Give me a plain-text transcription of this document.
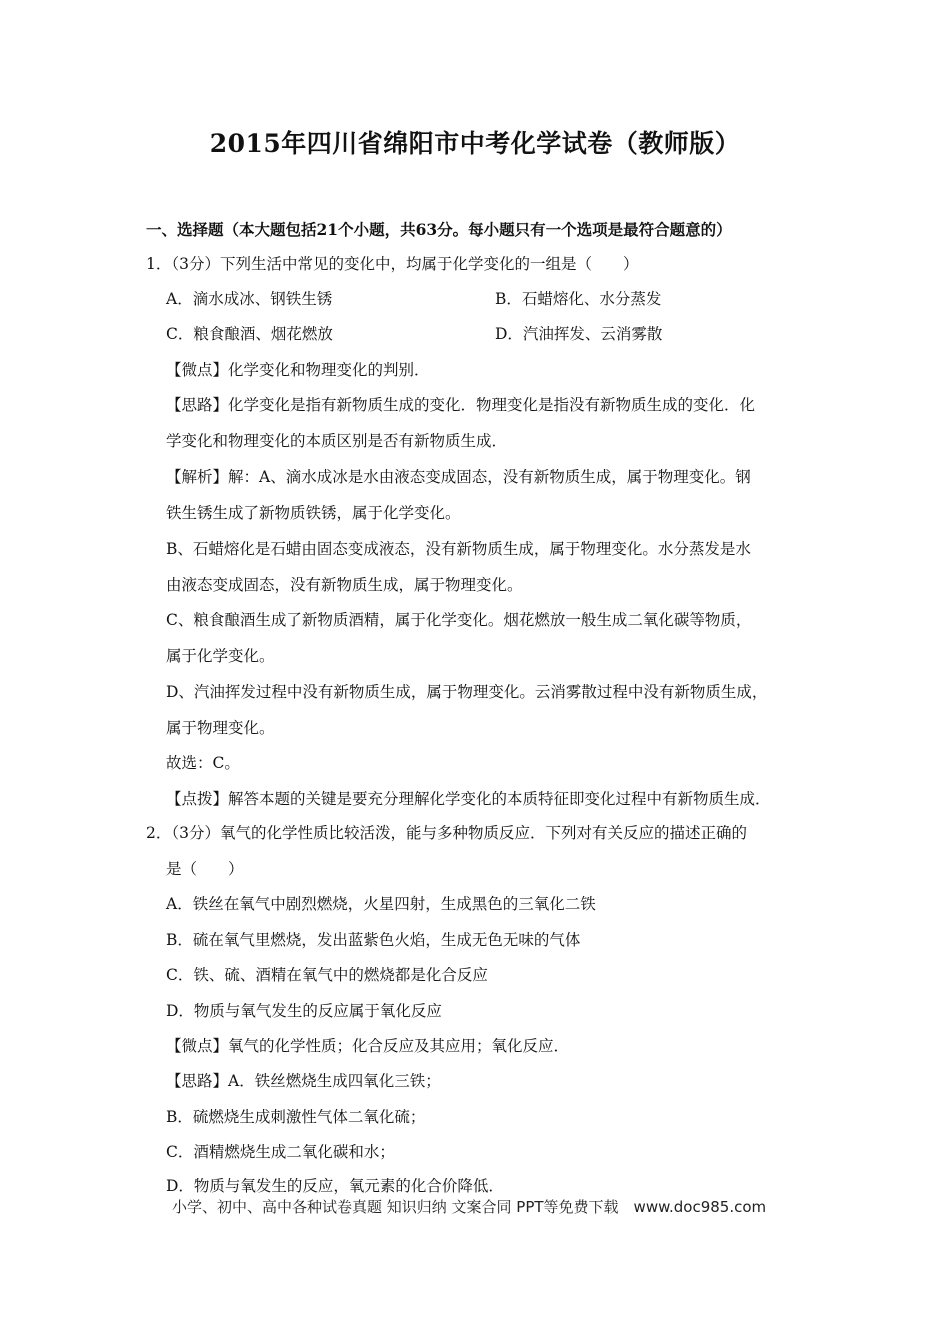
2015年四川省绵阳市中考化学试卷（教师版）
一、选择题（本大题包括21个小题，共63分。每小题只有一个选项是最符合题意的）
1．（3分）下列生活中常见的变化中，均属于化学变化的一组是（　　）
A．滴水成冰、钢铁生锈	B．石蜡熔化、水分蒸发
C．粮食酿酒、烟花燃放	D．汽油挥发、云消雾散
【微点】化学变化和物理变化的判别．
【思路】化学变化是指有新物质生成的变化．物理变化是指没有新物质生成的变化．化
学变化和物理变化的本质区别是否有新物质生成．
【解析】解：A、滴水成冰是水由液态变成固态，没有新物质生成，属于物理变化。钢
铁生锈生成了新物质铁锈，属于化学变化。
B、石蜡熔化是石蜡由固态变成液态，没有新物质生成，属于物理变化。水分蒸发是水
由液态变成固态，没有新物质生成，属于物理变化。
C、粮食酿酒生成了新物质酒精，属于化学变化。烟花燃放一般生成二氧化碳等物质，
属于化学变化。
D、汽油挥发过程中没有新物质生成，属于物理变化。云消雾散过程中没有新物质生成，
属于物理变化。
故选：C。
【点拨】解答本题的关键是要充分理解化学变化的本质特征即变化过程中有新物质生成．
2．（3分）氧气的化学性质比较活泼，能与多种物质反应．下列对有关反应的描述正确的
是（　　）
A．铁丝在氧气中剧烈燃烧，火星四射，生成黑色的三氧化二铁
B．硫在氧气里燃烧，发出蓝紫色火焰，生成无色无味的气体
C．铁、硫、酒精在氧气中的燃烧都是化合反应
D．物质与氧气发生的反应属于氧化反应
【微点】氧气的化学性质；化合反应及其应用；氧化反应．
【思路】A．铁丝燃烧生成四氧化三铁；
B．硫燃烧生成刺激性气体二氧化硫；
C．酒精燃烧生成二氧化碳和水；
D．物质与氧发生的反应，氧元素的化合价降低．
小学、初中、高中各种试卷真题 知识归纳 文案合同 PPT等免费下载　www.doc985.com
